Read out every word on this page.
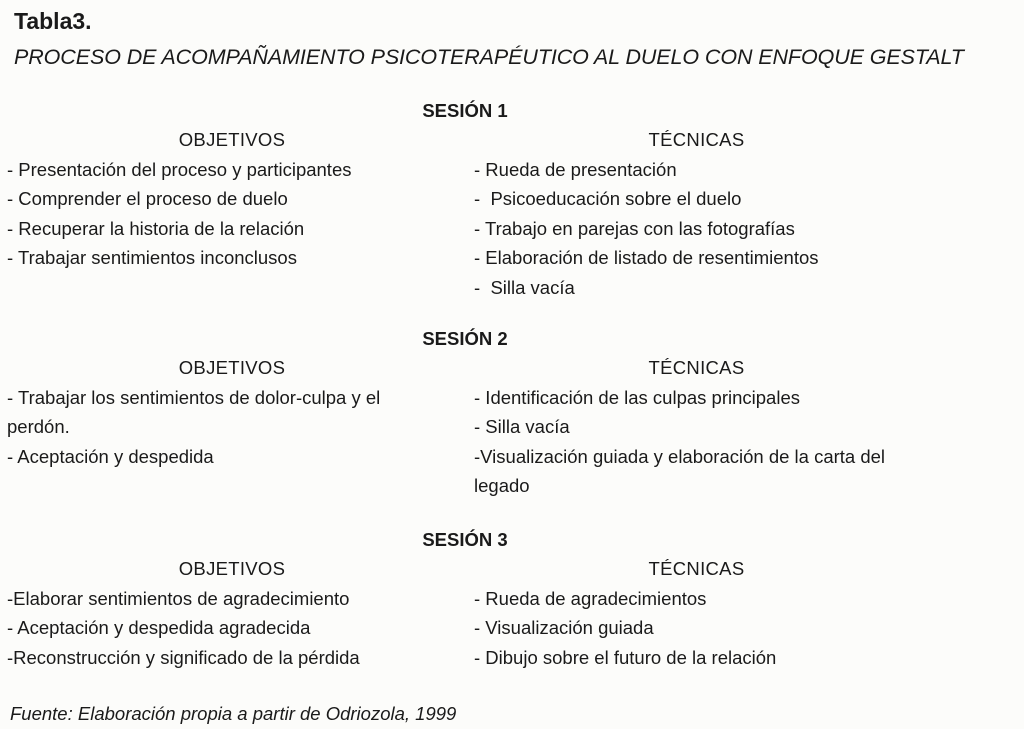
Tabla3.
PROCESO DE ACOMPAÑAMIENTO PSICOTERAPÉUTICO AL DUELO CON ENFOQUE GESTALT
SESIÓN 1
OBJETIVOS
- Presentación del proceso y participantes
- Comprender el proceso de duelo
- Recuperar la historia de la relación
- Trabajar sentimientos inconclusos
TÉCNICAS
- Rueda de presentación
-  Psicoeducación sobre el duelo
- Trabajo en parejas con las fotografías
- Elaboración de listado de resentimientos
-  Silla vacía
SESIÓN 2
OBJETIVOS
- Trabajar los sentimientos de dolor-culpa y el perdón.
- Aceptación y despedida
TÉCNICAS
- Identificación de las culpas principales
- Silla vacía
-Visualización guiada y elaboración de la carta del legado
SESIÓN 3
OBJETIVOS
-Elaborar sentimientos de agradecimiento
- Aceptación y despedida agradecida
-Reconstrucción y significado de la pérdida
TÉCNICAS
- Rueda de agradecimientos
- Visualización guiada
- Dibujo sobre el futuro de la relación
Fuente: Elaboración propia a partir de Odriozola, 1999
